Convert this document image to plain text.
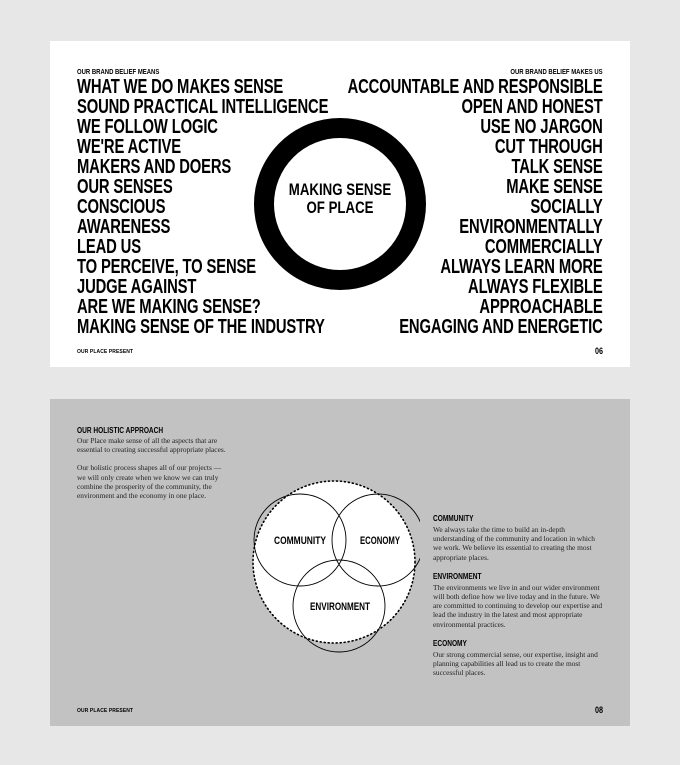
OUR BRAND BELIEF MEANS
WHAT WE DO MAKES SENSE
SOUND PRACTICAL INTELLIGENCE
WE FOLLOW LOGIC
WE'RE ACTIVE
MAKERS AND DOERS
OUR SENSES
CONSCIOUS
AWARENESS
LEAD US
TO PERCEIVE, TO SENSE
JUDGE AGAINST
ARE WE MAKING SENSE?
MAKING SENSE OF THE INDUSTRY
MAKING SENSE
OF PLACE
OUR BRAND BELIEF MAKES US
ACCOUNTABLE AND RESPONSIBLE
OPEN AND HONEST
USE NO JARGON
CUT THROUGH
TALK SENSE
MAKE SENSE
SOCIALLY
ENVIRONMENTALLY
COMMERCIALLY
ALWAYS LEARN MORE
ALWAYS FLEXIBLE
APPROACHABLE
ENGAGING AND ENERGETIC
OUR PLACE PRESENT	06
OUR HOLISTIC APPROACH

Our Place make sense of all the aspects that are essential to creating successful appropriate places.

Our holistic process shapes all of our projects — we will only create when we know we can truly combine the prosperity of the community, the environment and the economy in one place.

COMMUNITY	ECONOMY
ENVIRONMENT
COMMUNITY

We always take the time to build an in-depth understanding of the community and location in which we work. We believe its essential to creating the most appropriate places.

ENVIRONMENT

The environments we live in and our wider environment will both define how we live today and in the future. We are committed to continuing to develop our expertise and lead the industry in the latest and most appropriate environmental practices.

ECONOMY

Our strong commercial sense, our expertise, insight and planning capabilities all lead us to create the most successful places.

OUR PLACE PRESENT	08
